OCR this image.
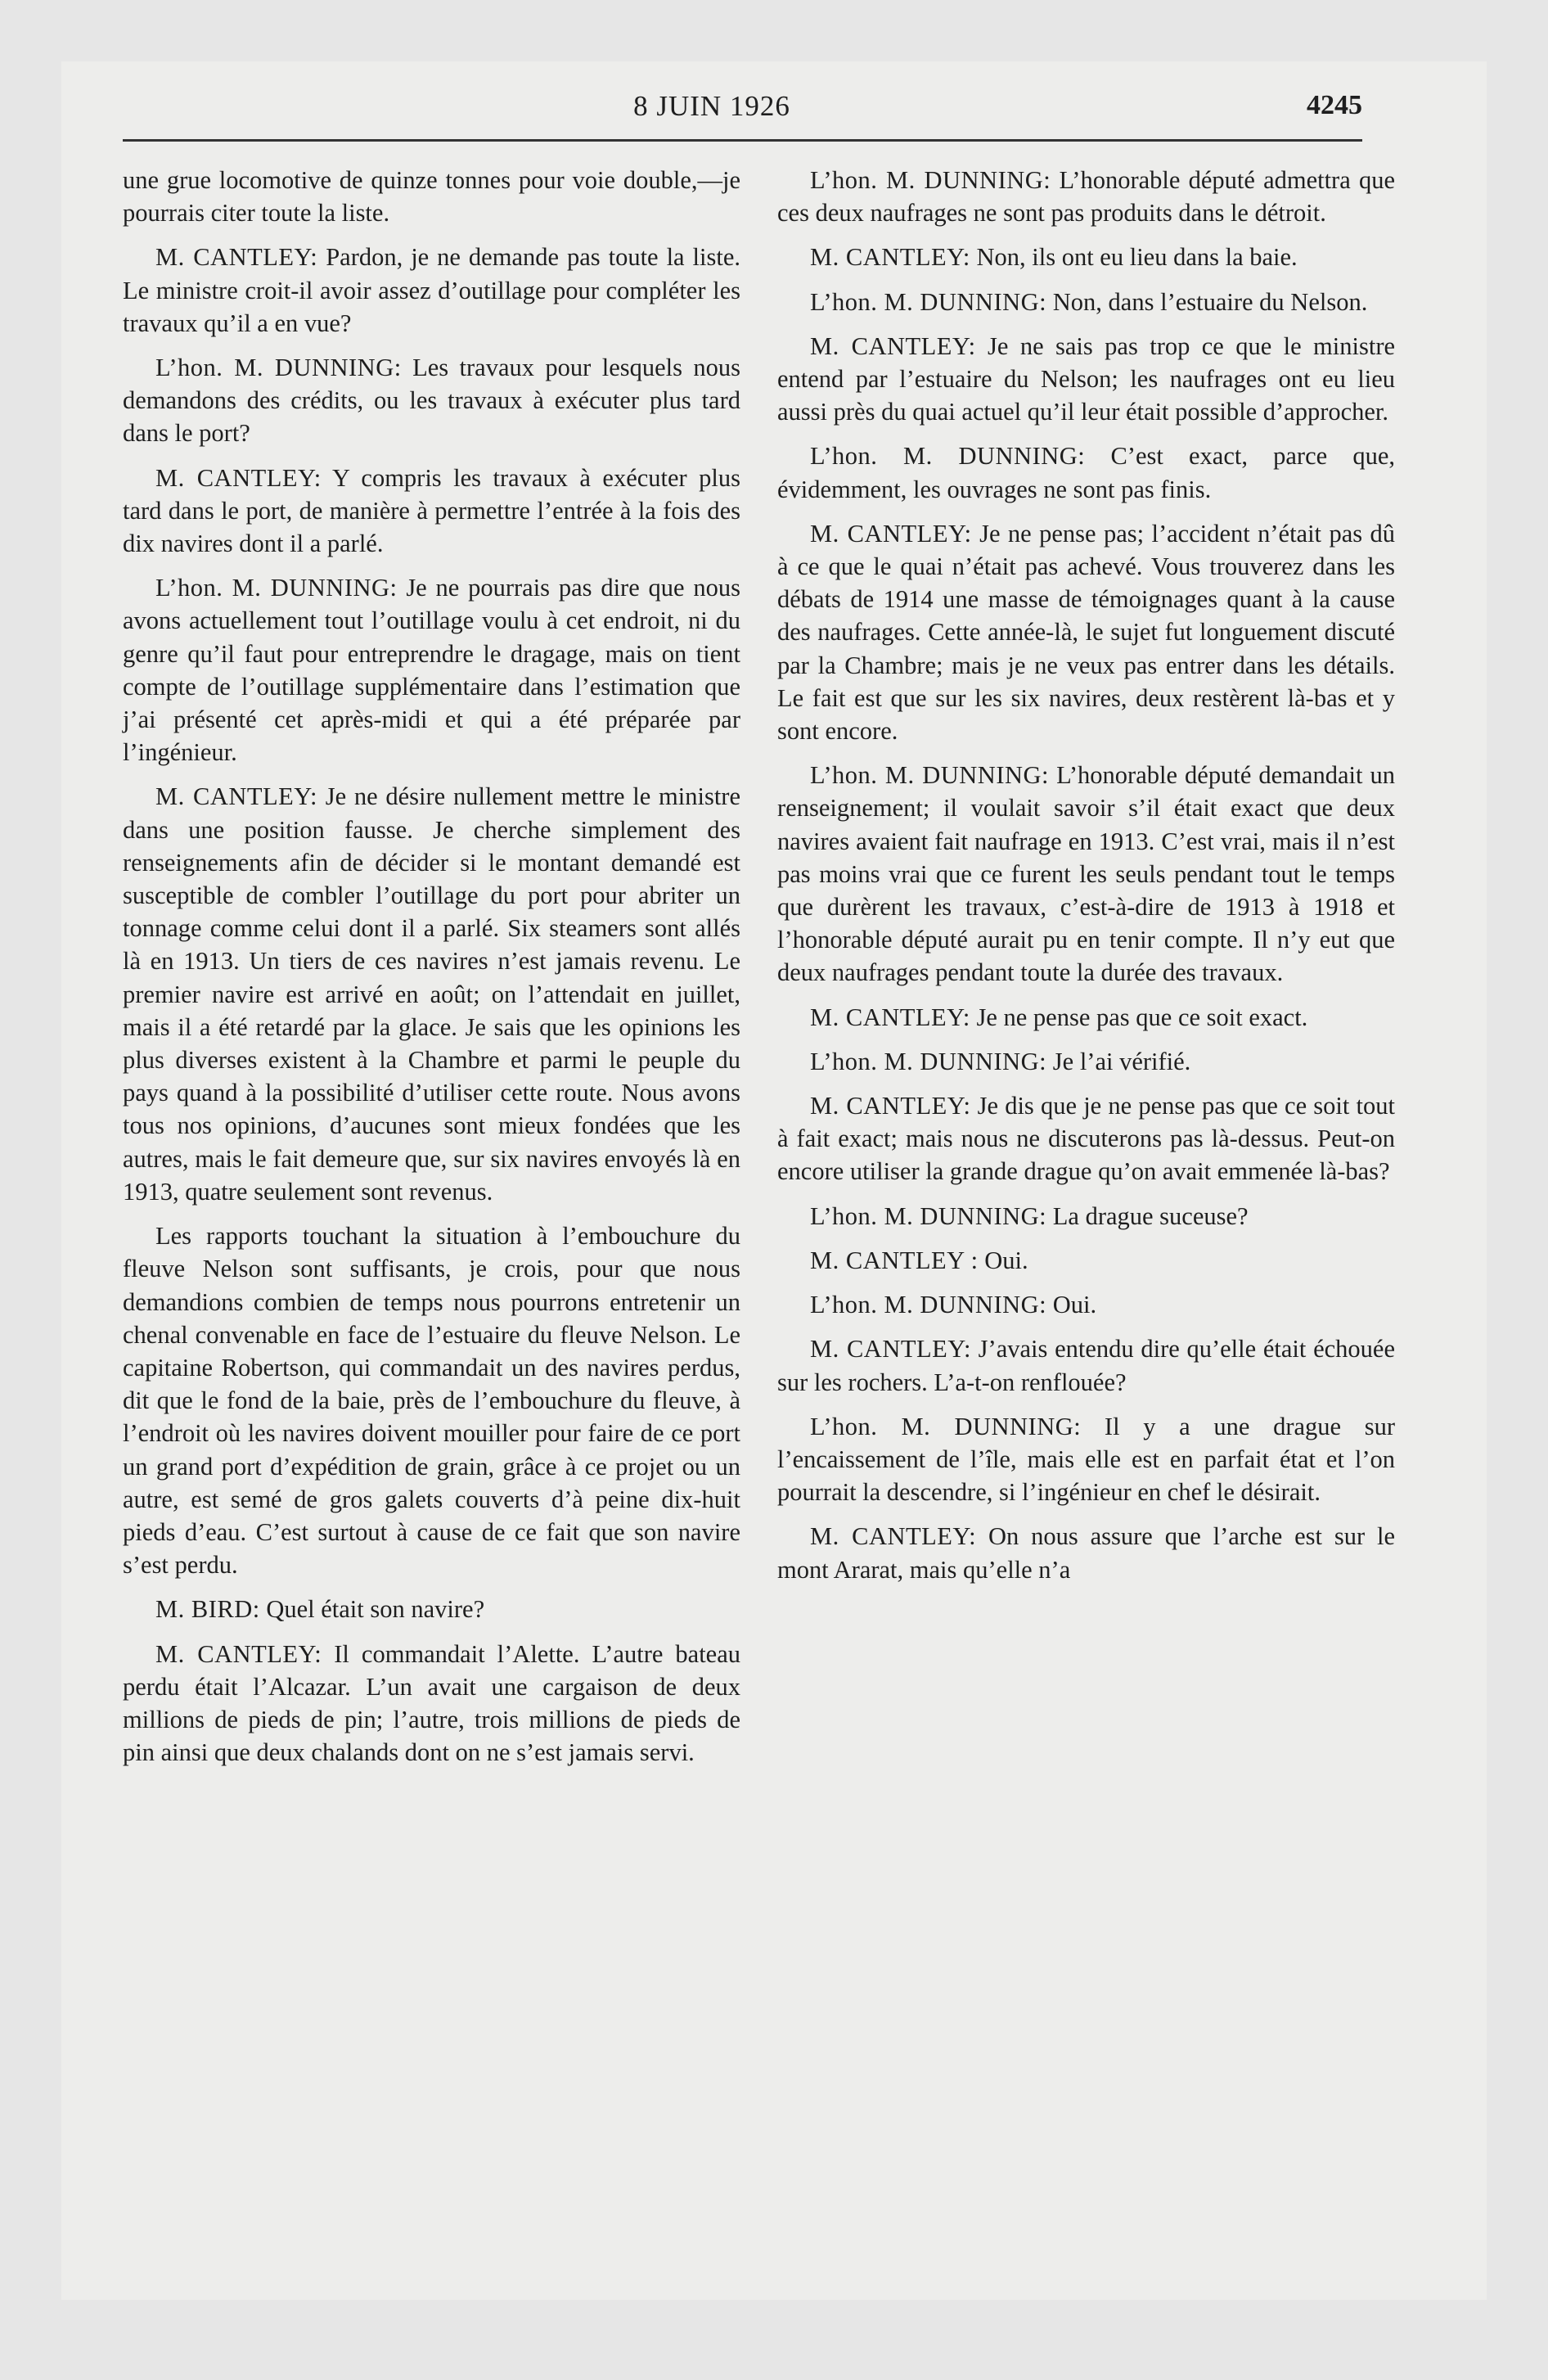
8 JUIN 1926	4245

une grue locomotive de quinze tonnes pour voie double,—je pourrais citer toute la liste.

M. CANTLEY: Pardon, je ne demande pas toute la liste. Le ministre croit-il avoir assez d’outillage pour compléter les travaux qu’il a en vue?

L’hon. M. DUNNING: Les travaux pour lesquels nous demandons des crédits, ou les travaux à exécuter plus tard dans le port?

M. CANTLEY: Y compris les travaux à exécuter plus tard dans le port, de manière à permettre l’entrée à la fois des dix navires dont il a parlé.

L’hon. M. DUNNING: Je ne pourrais pas dire que nous avons actuellement tout l’outillage voulu à cet endroit, ni du genre qu’il faut pour entreprendre le dragage, mais on tient compte de l’outillage supplémentaire dans l’estimation que j’ai présenté cet après-midi et qui a été préparée par l’ingénieur.

M. CANTLEY: Je ne désire nullement mettre le ministre dans une position fausse. Je cherche simplement des renseignements afin de décider si le montant demandé est susceptible de combler l’outillage du port pour abriter un tonnage comme celui dont il a parlé. Six steamers sont allés là en 1913. Un tiers de ces navires n’est jamais revenu. Le premier navire est arrivé en août; on l’attendait en juillet, mais il a été retardé par la glace. Je sais que les opinions les plus diverses existent à la Chambre et parmi le peuple du pays quand à la possibilité d’utiliser cette route. Nous avons tous nos opinions, d’aucunes sont mieux fondées que les autres, mais le fait demeure que, sur six navires envoyés là en 1913, quatre seulement sont revenus.

Les rapports touchant la situation à l’embouchure du fleuve Nelson sont suffisants, je crois, pour que nous demandions combien de temps nous pourrons entretenir un chenal convenable en face de l’estuaire du fleuve Nelson. Le capitaine Robertson, qui commandait un des navires perdus, dit que le fond de la baie, près de l’embouchure du fleuve, à l’endroit où les navires doivent mouiller pour faire de ce port un grand port d’expédition de grain, grâce à ce projet ou un autre, est semé de gros galets couverts d’à peine dix-huit pieds d’eau. C’est surtout à cause de ce fait que son navire s’est perdu.

M. BIRD: Quel était son navire?

M. CANTLEY: Il commandait l’Alette. L’autre bateau perdu était l’Alcazar. L’un avait une cargaison de deux millions de pieds de pin; l’autre, trois millions de pieds de pin ainsi que deux chalands dont on ne s’est jamais servi.

L’hon. M. DUNNING: L’honorable député admettra que ces deux naufrages ne sont pas produits dans le détroit.

M. CANTLEY: Non, ils ont eu lieu dans la baie.

L’hon. M. DUNNING: Non, dans l’estuaire du Nelson.

M. CANTLEY: Je ne sais pas trop ce que le ministre entend par l’estuaire du Nelson; les naufrages ont eu lieu aussi près du quai actuel qu’il leur était possible d’approcher.

L’hon. M. DUNNING: C’est exact, parce que, évidemment, les ouvrages ne sont pas finis.

M. CANTLEY: Je ne pense pas; l’accident n’était pas dû à ce que le quai n’était pas achevé. Vous trouverez dans les débats de 1914 une masse de témoignages quant à la cause des naufrages. Cette année-là, le sujet fut longuement discuté par la Chambre; mais je ne veux pas entrer dans les détails. Le fait est que sur les six navires, deux restèrent là-bas et y sont encore.

L’hon. M. DUNNING: L’honorable député demandait un renseignement; il voulait savoir s’il était exact que deux navires avaient fait naufrage en 1913. C’est vrai, mais il n’est pas moins vrai que ce furent les seuls pendant tout le temps que durèrent les travaux, c’est-à-dire de 1913 à 1918 et l’honorable député aurait pu en tenir compte. Il n’y eut que deux naufrages pendant toute la durée des travaux.

M. CANTLEY: Je ne pense pas que ce soit exact.

L’hon. M. DUNNING: Je l’ai vérifié.

M. CANTLEY: Je dis que je ne pense pas que ce soit tout à fait exact; mais nous ne discuterons pas là-dessus. Peut-on encore utiliser la grande drague qu’on avait emmenée là-bas?

L’hon. M. DUNNING: La drague suceuse?

M. CANTLEY : Oui.

L’hon. M. DUNNING: Oui.

M. CANTLEY: J’avais entendu dire qu’elle était échouée sur les rochers. L’a-t-on renflouée?

L’hon. M. DUNNING: Il y a une drague sur l’encaissement de l’île, mais elle est en parfait état et l’on pourrait la descendre, si l’ingénieur en chef le désirait.

M. CANTLEY: On nous assure que l’arche est sur le mont Ararat, mais qu’elle n’a
